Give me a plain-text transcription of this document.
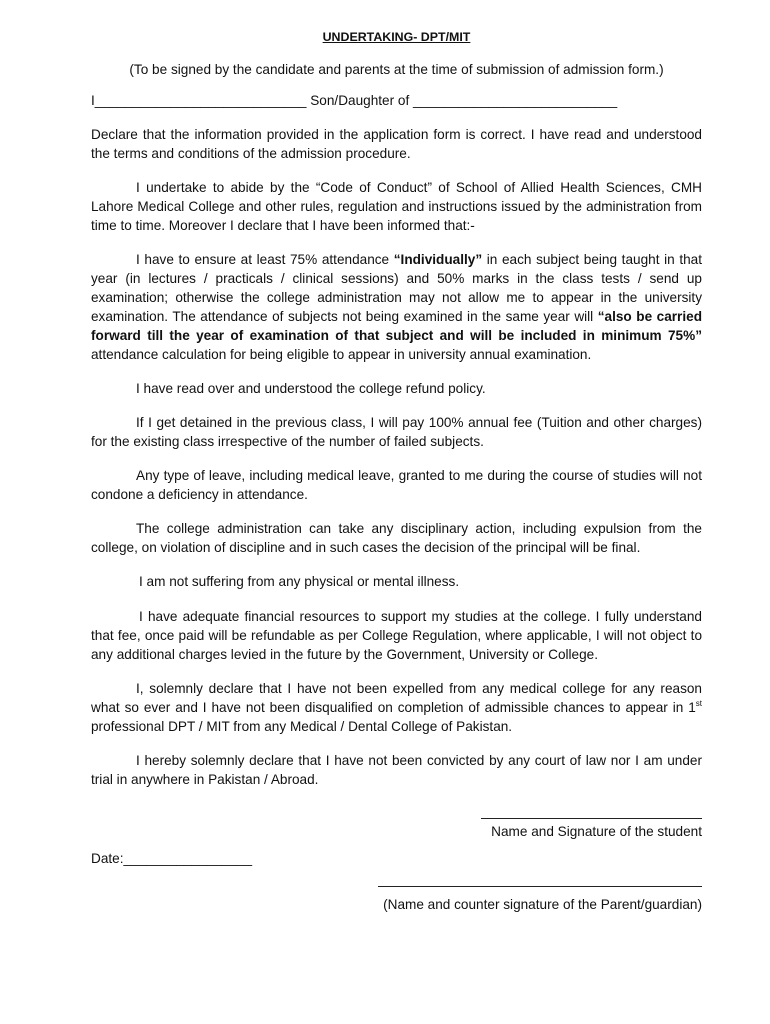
UNDERTAKING- DPT/MIT
(To be signed by the candidate and parents at the time of submission of admission form.)
I____________________________ Son/Daughter of ___________________________

Declare that the information provided in the application form is correct. I have read and understood the terms and conditions of the admission procedure.

I undertake to abide by the “Code of Conduct” of School of Allied Health Sciences, CMH Lahore Medical College and other rules, regulation and instructions issued by the administration from time to time. Moreover I declare that I have been informed that:-

I have to ensure at least 75% attendance “Individually” in each subject being taught in that year (in lectures / practicals / clinical sessions) and 50% marks in the class tests / send up examination; otherwise the college administration may not allow me to appear in the university examination. The attendance of subjects not being examined in the same year will “also be carried forward till the year of examination of that subject and will be included in minimum 75%” attendance calculation for being eligible to appear in university annual examination.

I have read over and understood the college refund policy.

If I get detained in the previous class, I will pay 100% annual fee (Tuition and other charges) for the existing class irrespective of the number of failed subjects.

Any type of leave, including medical leave, granted to me during the course of studies will not condone a deficiency in attendance.

The college administration can take any disciplinary action, including expulsion from the college, on violation of discipline and in such cases the decision of the principal will be final.

I am not suffering from any physical or mental illness.

I have adequate financial resources to support my studies at the college. I fully understand that fee, once paid will be refundable as per College Regulation, where applicable, I will not object to any additional charges levied in the future by the Government, University or College.

I, solemnly declare that I have not been expelled from any medical college for any reason what so ever and I have not been disqualified on completion of admissible chances to appear in 1st professional DPT / MIT from any Medical / Dental College of Pakistan.

I hereby solemnly declare that I have not been convicted by any court of law nor I am under trial in anywhere in Pakistan / Abroad.

Name and Signature of the student
Date:_________________
(Name and counter signature of the Parent/guardian)
